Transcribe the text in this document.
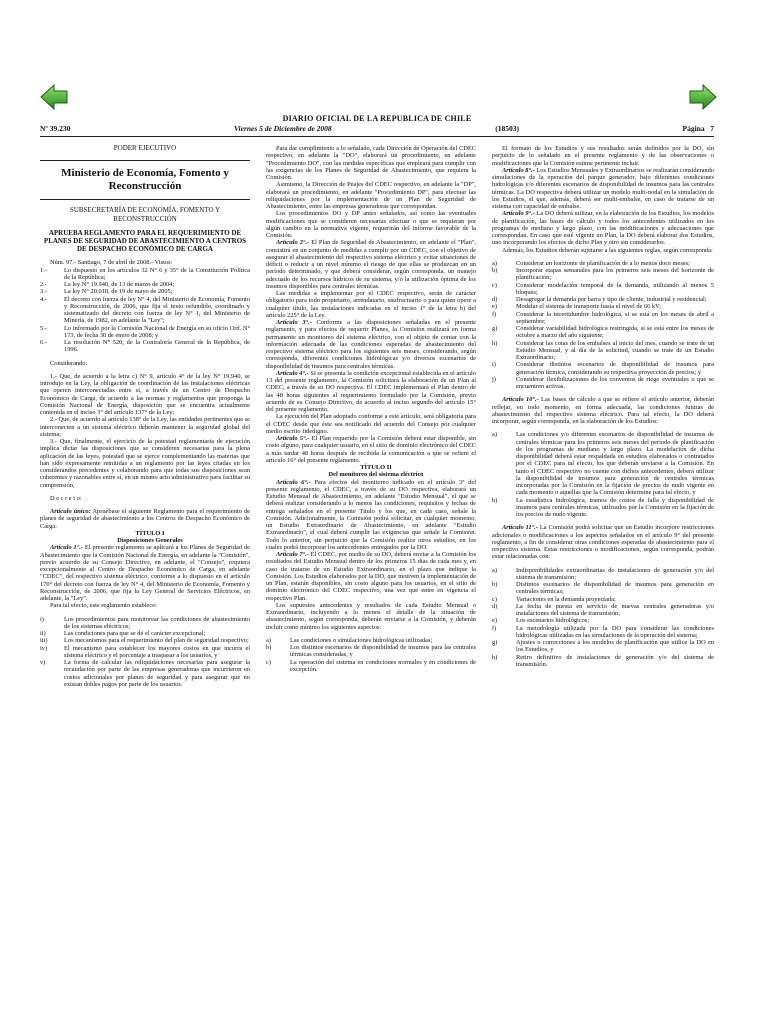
DIARIO OFICIAL DE LA REPUBLICA DE CHILE
Nº 39.230	Viernes 5 de Diciembre de 2008	(18503)	Página 7

PODER EJECUTIVO

Ministerio de Economía, Fomento y Reconstrucción
SUBSECRETARÍA DE ECONOMÍA, FOMENTO Y RECONSTRUCCIÓN
APRUEBA REGLAMENTO PARA EL REQUERIMIENTO DE PLANES DE SEGURIDAD DE ABASTECIMIENTO A CENTROS DE DESPACHO ECONÓMICO DE CARGA

Núm. 97.- Santiago, 7 de abril de 2008.- Vistos:

1.-	Lo dispuesto en los artículos 32 N° 6 y 35° de la Constitución Política de la República;
2.-	La ley N° 19.940, de 13 de marzo de 2004;
3.-	La ley N° 20.018, de 19 de mayo de 2005;
4.-	El decreto con fuerza de ley N° 4, del Ministerio de Economía, Fomento y Reconstrucción, de 2006, que fija el texto refundido, coordinado y sistematizado del decreto con fuerza de ley N° 1, del Ministerio de Minería, de 1982, en adelante la "Ley";
5.-	Lo informado por la Comisión Nacional de Energía en su oficio Ord. N° 173, de fecha 30 de enero de 2008; y
6.-	La resolución N° 520, de la Contraloría General de la República, de 1996.

Considerando:

1.- Que, de acuerdo a la letra c) N° 9, artículo 4° de la ley N° 19.940, se introdujo en la Ley, la obligación de coordinación de las instalaciones eléctricas que operen interconectadas entre sí, a través de un Centro de Despacho Económico de Carga, de acuerdo a las normas y reglamentos que proponga la Comisión Nacional de Energía, disposición que se encuentra actualmente contenida en el inciso 3° del artículo 137° de la Ley;

2.- Que, de acuerdo al artículo 138° de la Ley, las entidades pertinentes que se interconecten a un sistema eléctrico deberán mantener la seguridad global del sistema;

3.- Que, finalmente, el ejercicio de la potestad reglamentaria de ejecución implica dictar las disposiciones que se consideren necesarias para la plena aplicación de las leyes, potestad que se ejerce complementando las materias que han sido expresamente remitidas a un reglamento por las leyes citadas en los considerandos precedentes y colaborando para que todas sus disposiciones sean coherentes y razonables entre sí, en un mismo acto administrativo para facilitar su comprensión,

D e c r e t o:

Artículo único: Apruébase el siguiente Reglamento para el requerimiento de planes de seguridad de abastecimiento a los Centros de Despacho Económico de Carga:

TÍTULO I

Disposiciones Generales

Artículo 1°.- El presente reglamento se aplicará a los Planes de Seguridad de Abastecimiento que la Comisión Nacional de Energía, en adelante la "Comisión", previo acuerdo de su Consejo Directivo, en adelante, el "Consejo", requiera excepcionalmente al Centro de Despacho Económico de Carga, en adelante "CDEC", del respectivo sistema eléctrico, conforme a lo dispuesto en el artículo 170° del decreto con fuerza de ley N° 4, del Ministerio de Economía, Fomento y Reconstrucción, de 2006, que fija la Ley General de Servicios Eléctricos, en adelante, la "Ley".

Para tal efecto, este reglamento establece:

i)	Los procedimientos para monitorear las condiciones de abastecimiento de los sistemas eléctricos;
ii)	Las condiciones para que se dé el carácter excepcional;
iii)	Los mecanismos para el requerimiento del plan de seguridad respectivo;
iv)	El mecanismo para establecer los mayores costos en que incurra el sistema eléctrico y el porcentaje a traspasar a los usuarios, y
v)	La forma de calcular las reliquidaciones necesarias para asegurar la recaudación por parte de las empresas generadoras que incurrieron en costos adicionales por planes de seguridad y para asegurar que no existan dobles pagos por parte de los usuarios.

Para dar cumplimiento a lo señalado, cada Dirección de Operación del CDEC respectivo, en adelante la "DO", elaborará un procedimiento, en adelante "Procedimiento DO", con las medidas específicas que empleará para cumplir con las exigencias de los Planes de Seguridad de Abastecimiento, que requiera la Comisión.

Asimismo, la Dirección de Peajes del CDEC respectivo, en adelante la "DP", elaborará un procedimiento, en adelante "Procedimiento DP", para efectuar las reliquidaciones por la implementación de un Plan de Seguridad de Abastecimiento, entre las empresas generadoras que correspondan.

Los procedimientos DO y DP antes señalados, así como las eventuales modificaciones que se consideren necesarias efectuar o que se requieran por algún cambio en la normativa vigente, requerirán del informe favorable de la Comisión.

Artículo 2°.- El Plan de Seguridad de Abastecimiento, en adelante el "Plan", consistirá en un conjunto de medidas a cumplir por un CDEC, con el objetivo de asegurar el abastecimiento del respectivo sistema eléctrico y evitar situaciones de déficit o reducir a un nivel mínimo el riesgo de que ellas se produzcan en un período determinado, y que deberá considerar, según corresponda, un manejo adecuado de los recursos hídricos de su sistema, y/o la utilización óptima de los insumos disponibles para centrales térmicas.

Las medidas a implementar por el CDEC respectivo, serán de carácter obligatorio para todo propietario, arrendatario, usufructuario o para quien opere a cualquier título, las instalaciones indicadas en el inciso 1° de la letra b) del artículo 225° de la Ley.

Artículo 3°.- Conforme a las disposiciones señaladas en el presente reglamento, y para efectos de requerir Planes, la Comisión realizará en forma permanente un monitoreo del sistema eléctrico, con el objeto de contar con la información adecuada de las condiciones esperadas de abastecimiento del respectivo sistema eléctrico para los siguientes seis meses, considerando, según corresponda, diferentes condiciones hidrológicas y/o diversos escenarios de disponibilidad de insumos para centrales térmicas.

Artículo 4°.- Si se presenta la condición excepcional establecida en el artículo 13 del presente reglamento, la Comisión solicitará la elaboración de un Plan al CDEC, a través de su DO respectiva. El CDEC implementará el Plan dentro de las 48 horas siguientes al requerimiento formulado por la Comisión, previo acuerdo de su Consejo Directivo, de acuerdo al inciso segundo del artículo 15° del presente reglamento.

La ejecución del Plan adoptado conforme a este artículo, será obligatoria para el CDEC desde que éste sea notificado del acuerdo del Consejo por cualquier medio escrito fidedigno.

Artículo 5°.- El Plan requerido por la Comisión deberá estar disponible, sin costo alguno, para cualquier usuario, en el sitio de dominio electrónico del CDEC a más tardar 48 horas después de recibida la comunicación a que se refiere el artículo 16° del presente reglamento.

TÍTULO II

Del monitoreo del sistema eléctrico

Artículo 6°.- Para efectos del monitoreo indicado en el artículo 3° del presente reglamento, el CDEC, a través de su DO respectiva, elaborará un Estudio Mensual de Abastecimiento, en adelante "Estudio Mensual", el que se deberá realizar considerando a lo menos las condiciones, requisitos y fechas de entrega señalados en el presente Título y los que, en cada caso, señale la Comisión. Adicionalmente, la Comisión podrá solicitar, en cualquier momento, un Estudio Extraordinario de Abastecimiento, en adelante "Estudio Extraordinario", el cual deberá cumplir las exigencias que señale la Comisión. Todo lo anterior, sin perjuicio que la Comisión realice otros estudios, en los cuales podrá incorporar los antecedentes entregados por la DO.

Artículo 7°.- El CDEC, por medio de su DO, deberá enviar a la Comisión los resultados del Estudio Mensual dentro de los primeros 15 días de cada mes y, en caso de tratarse de un Estudio Extraordinario, en el plazo que indique la Comisión. Los Estudios elaborados por la DO, que motiven la implementación de un Plan, estarán disponibles, sin costo alguno para los usuarios, en el sitio de dominio electrónico del CDEC respectivo, una vez que entre en vigencia el respectivo Plan.

Los supuestos antecedentes y resultados de cada Estudio Mensual o Extraordinario, incluyendo a lo menos el detalle de la situación de abastecimiento, según corresponda, deberán enviarse a la Comisión, y deberán incluir como mínimo los siguientes aspectos:

a)	Las condiciones o simulaciones hidrológicas utilizadas;
b)	Los distintos escenarios de disponibilidad de insumos para las centrales térmicas consideradas, y
c)	La operación del sistema en condiciones normales y en condiciones de excepción.

El formato de los Estudios y sus resultados serán definidos por la DO, sin perjuicio de lo señalado en el presente reglamento y de las observaciones o modificaciones que la Comisión estime pertinente incluir.

Artículo 8°.- Los Estudios Mensuales y Extraordinarios se realizarán considerando simulaciones de la operación del parque generador, bajo diferentes condiciones hidrológicas y/o diferentes escenarios de disponibilidad de insumos para las centrales térmicas. La DO respectiva deberá utilizar un modelo multi-nodal en la simulación de los Estudios, el que, además, deberá ser multi-embalse, en caso de tratarse de un sistema con capacidad de embalse.

Artículo 9°.- La DO deberá utilizar, en la elaboración de los Estudios, los modelos de planificación, las bases de cálculo y todos los antecedentes utilizados en los programas de mediano y largo plazo, con las modificaciones y adecuaciones que correspondan. En caso que esté vigente un Plan, la DO deberá elaborar dos Estudios, uno incorporando los efectos de dicho Plan y otro sin considerarlos.

Además, los Estudios deberán sujetarse a las siguientes reglas, según corresponda:

a)	Considerar un horizonte de planificación de a lo menos doce meses;
b)	Incorporar etapas semanales para los primeros seis meses del horizonte de planificación;
c)	Considerar modelación temporal de la demanda, utilizando al menos 5 bloques;
d)	Desagregar la demanda por barra y tipo de cliente, industrial y residencial;
e)	Modelar el sistema de transporte hasta el nivel de 66 kV;
f)	Considerar la incertidumbre hidrológica, si se está en los meses de abril a septiembre;
g)	Considerar variabilidad hidrológica restringida, si se está entre los meses de octubre a marzo del año siguiente;
h)	Considerar las cotas de los embalses al inicio del mes, cuando se trate de un Estudio Mensual, y al día de la solicitud, cuando se trate de un Estudio Extraordinario;
i)	Considerar distintos escenarios de disponibilidad de insumos para generación térmica, considerando su respectiva proyección de precios; y
j)	Considerar flexibilizaciones de los convenios de riego eventuales o que se encuentren activas.

Artículo 10°.- Las bases de cálculo a que se refiere el artículo anterior, deberán reflejar, en todo momento, en forma adecuada, las condiciones futuras de abastecimiento del respectivo sistema eléctrico. Para tal efecto, la DO deberá incorporar, según corresponda, en la elaboración de los Estudios:

a)	Las condiciones y/o diferentes escenarios de disponibilidad de insumos de centrales térmicas para los primeros seis meses del período de planificación de los programas de mediano y largo plazo. La modelación de dicha disponibilidad deberá estar respaldada en estudios elaborados o contratados por el CDEC para tal efecto, los que deberán enviarse a la Comisión. En tanto el CDEC respectivo no cuente con dichos antecedentes, deberá utilizar la disponibilidad de insumos para generación de centrales térmicas incorporadas por la Comisión en la fijación de precios de nudo vigente en cada momento o aquellas que la Comisión determine para tal efecto, y
b)	La estadística hidrológica, tramos de costos de falla y disponibilidad de insumos para centrales térmicas, utilizados por la Comisión en la fijación de los precios de nudo vigente.

Artículo 11°.- La Comisión podrá solicitar que un Estudio incorpore restricciones adicionales o modificaciones a los aspectos señalados en el artículo 9° del presente reglamento, a fin de considerar otras condiciones esperadas de abastecimiento para el respectivo sistema. Estas restricciones o modificaciones, según corresponda, podrán estar relacionadas con:

a)	Indisponibilidades extraordinarias de instalaciones de generación y/o del sistema de transmisión;
b)	Distintos escenarios de disponibilidad de insumos para generación en centrales térmicas;
c)	Variaciones en la demanda proyectada;
d)	La fecha de puesta en servicio de nuevas centrales generadoras y/o instalaciones del sistema de transmisión;
e)	Los escenarios hidrológicos;
f)	La metodología utilizada por la DO para considerar las condiciones hidrológicas utilizadas en las simulaciones de la operación del sistema;
g)	Ajustes o correcciones a los modelos de planificación que utilice la DO en los Estudios, y
h)	Retiro definitivo de instalaciones de generación y/o del sistema de transmisión.
